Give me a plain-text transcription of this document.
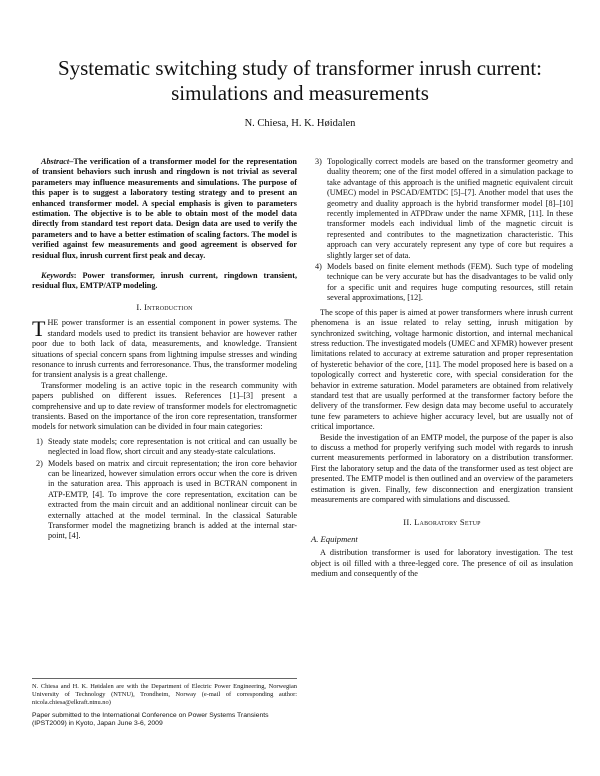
Systematic switching study of transformer inrush current: simulations and measurements
N. Chiesa, H. K. Høidalen

Abstract–The verification of a transformer model for the representation of transient behaviors such inrush and ringdown is not trivial as several parameters may influence measurements and simulations. The purpose of this paper is to suggest a laboratory testing strategy and to present an enhanced transformer model. A special emphasis is given to parameters estimation. The objective is to be able to obtain most of the model data directly from standard test report data. Design data are used to verify the parameters and to have a better estimation of scaling factors. The model is verified against few measurements and good agreement is observed for residual flux, inrush current first peak and decay.

Keywords: Power transformer, inrush current, ringdown transient, residual flux, EMTP/ATP modeling.

I. Introduction

THE power transformer is an essential component in power systems. The standard models used to predict its transient behavior are however rather poor due to both lack of data, measurements, and knowledge. Transient situations of special concern spans from lightning impulse stresses and winding resonance to inrush currents and ferroresonance. Thus, the transformer modeling for transient analysis is a great challenge.

Transformer modeling is an active topic in the research community with papers published on different issues. References [1]–[3] present a comprehensive and up to date review of transformer models for electromagnetic transients. Based on the importance of the iron core representation, transformer models for network simulation can be divided in four main categories:

1) Steady state models; core representation is not critical and can usually be neglected in load flow, short circuit and any steady-state calculations.
2) Models based on matrix and circuit representation; the iron core behavior can be linearized, however simulation errors occur when the core is driven in the saturation area. This approach is used in BCTRAN component in ATP-EMTP, [4]. To improve the core representation, excitation can be extracted from the main circuit and an additional nonlinear circuit can be externally attached at the model terminal. In the classical Saturable Transformer model the magnetizing branch is added at the internal star-point, [4].

N. Chiesa and H. K. Høidalen are with the Department of Electric Power Engineering, Norwegian University of Technology (NTNU), Trondheim, Norway (e-mail of corresponding author: nicola.chiesa@elkraft.ntnu.no)

Paper submitted to the International Conference on Power Systems Transients (IPST2009) in Kyoto, Japan June 3-6, 2009

3) Topologically correct models are based on the transformer geometry and duality theorem; one of the first model offered in a simulation package to take advantage of this approach is the unified magnetic equivalent circuit (UMEC) model in PSCAD/EMTDC [5]–[7]. Another model that uses the geometry and duality approach is the hybrid transformer model [8]–[10] recently implemented in ATPDraw under the name XFMR, [11]. In these transformer models each individual limb of the magnetic circuit is represented and contributes to the magnetization characteristic. This approach can very accurately represent any type of core but requires a slightly larger set of data.
4) Models based on finite element methods (FEM). Such type of modeling technique can be very accurate but has the disadvantages to be valid only for a specific unit and requires huge computing resources, still retain several approximations, [12].

The scope of this paper is aimed at power transformers where inrush current phenomena is an issue related to relay setting, inrush mitigation by synchronized switching, voltage harmonic distortion, and internal mechanical stress reduction. The investigated models (UMEC and XFMR) however present limitations related to accuracy at extreme saturation and proper representation of hysteretic behavior of the core, [11]. The model proposed here is based on a topologically correct and hysteretic core, with special consideration for the behavior in extreme saturation. Model parameters are obtained from relatively standard test that are usually performed at the transformer factory before the delivery of the transformer. Few design data may become useful to accurately tune few parameters to achieve higher accuracy level, but are usually not of critical importance.

Beside the investigation of an EMTP model, the purpose of the paper is also to discuss a method for properly verifying such model with regards to inrush current measurements performed in laboratory on a distribution transformer. First the laboratory setup and the data of the transformer used as test object are presented. The EMTP model is then outlined and an overview of the parameters estimation is given. Finally, few disconnection and energization transient measurements are compared with simulations and discussed.

II. Laboratory Setup
A. Equipment

A distribution transformer is used for laboratory investigation. The test object is oil filled with a three-legged core. The presence of oil as insulation medium and consequently of the
